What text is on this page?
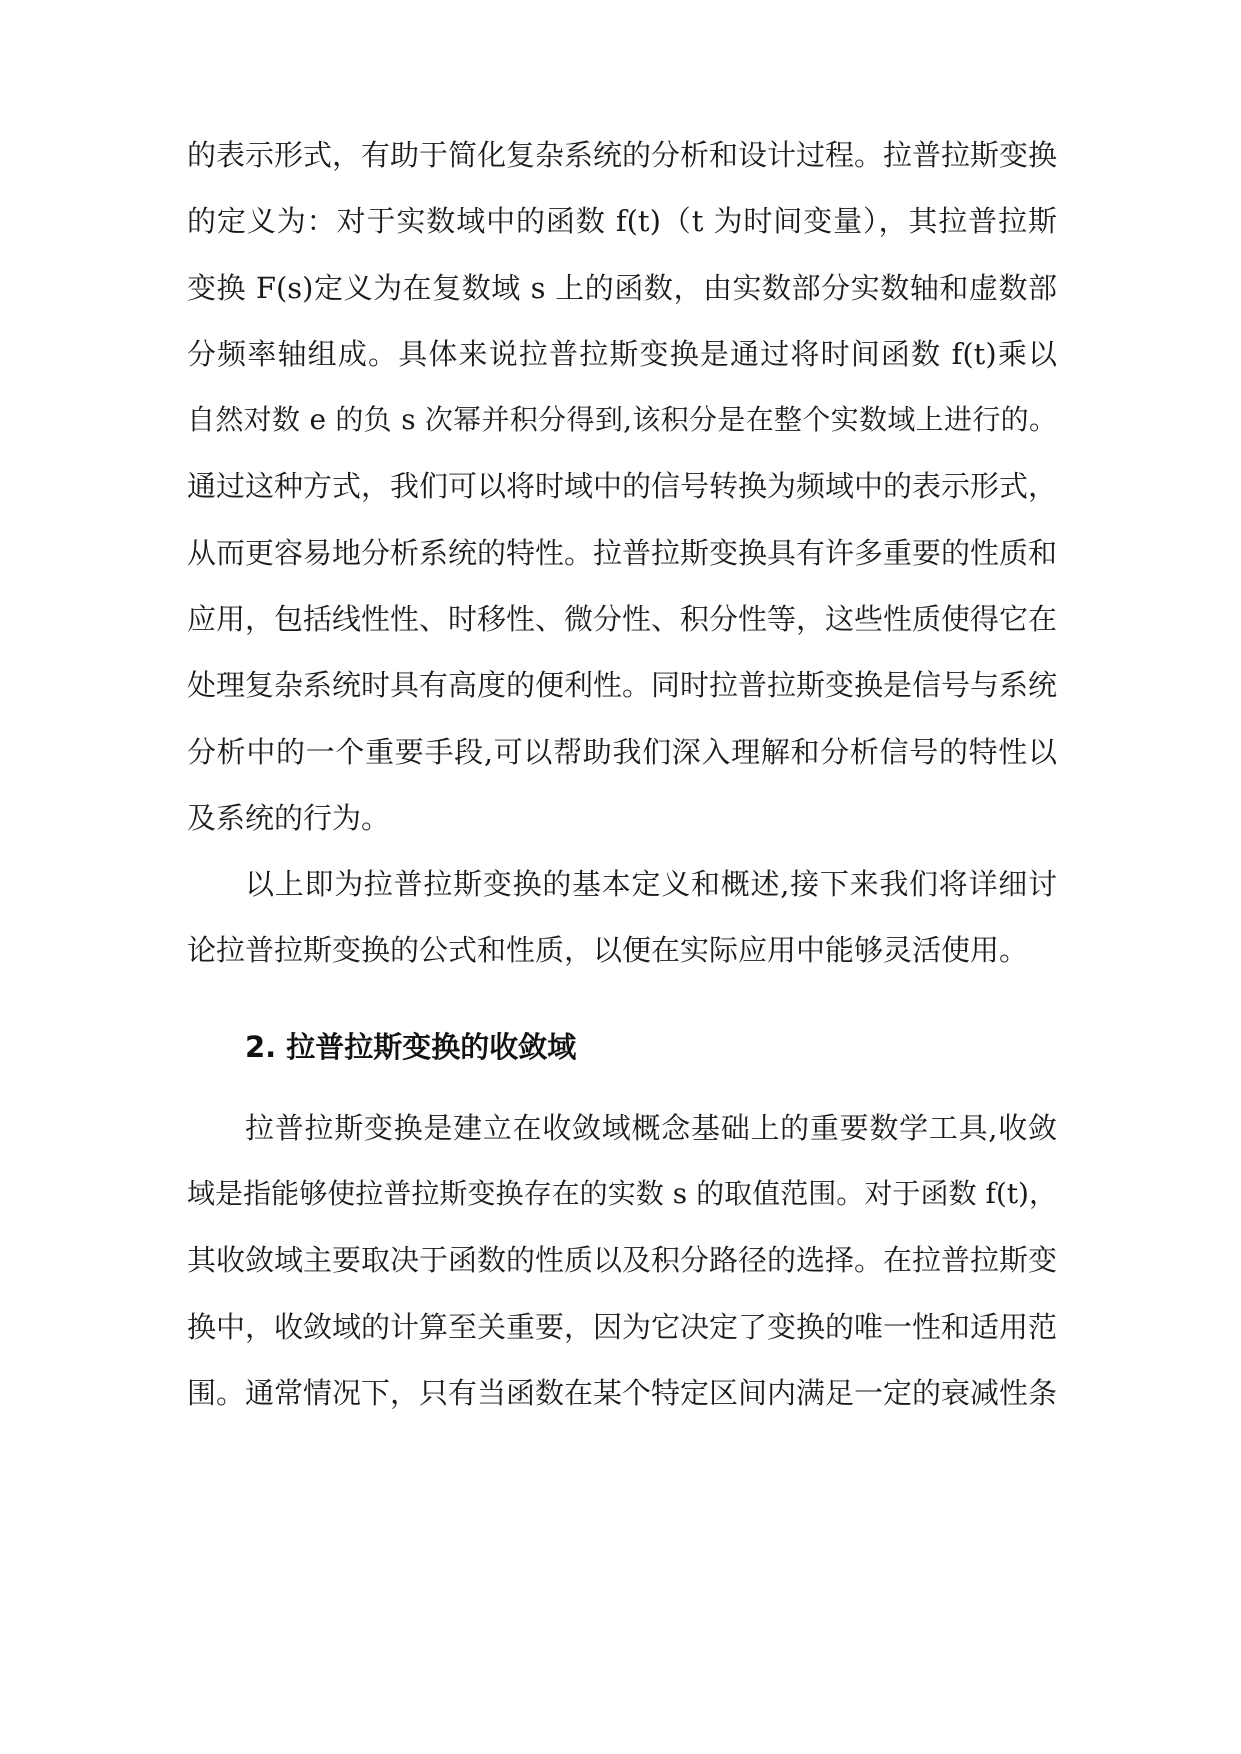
的表示形式，有助于简化复杂系统的分析和设计过程。拉普拉斯变换
的定义为：对于实数域中的函数 f(t)（t 为时间变量），其拉普拉斯
变换 F(s)定义为在复数域 s 上的函数，由实数部分实数轴和虚数部
分频率轴组成。具体来说拉普拉斯变换是通过将时间函数 f(t)乘以
自然对数 e 的负 s 次幂并积分得到,该积分是在整个实数域上进行的。
通过这种方式，我们可以将时域中的信号转换为频域中的表示形式，
从而更容易地分析系统的特性。拉普拉斯变换具有许多重要的性质和
应用，包括线性性、时移性、微分性、积分性等，这些性质使得它在
处理复杂系统时具有高度的便利性。同时拉普拉斯变换是信号与系统
分析中的一个重要手段,可以帮助我们深入理解和分析信号的特性以
及系统的行为。
以上即为拉普拉斯变换的基本定义和概述,接下来我们将详细讨
论拉普拉斯变换的公式和性质，以便在实际应用中能够灵活使用。
2. 拉普拉斯变换的收敛域
拉普拉斯变换是建立在收敛域概念基础上的重要数学工具,收敛
域是指能够使拉普拉斯变换存在的实数 s 的取值范围。对于函数 f(t)，
其收敛域主要取决于函数的性质以及积分路径的选择。在拉普拉斯变
换中，收敛域的计算至关重要，因为它决定了变换的唯一性和适用范
围。通常情况下，只有当函数在某个特定区间内满足一定的衰减性条
